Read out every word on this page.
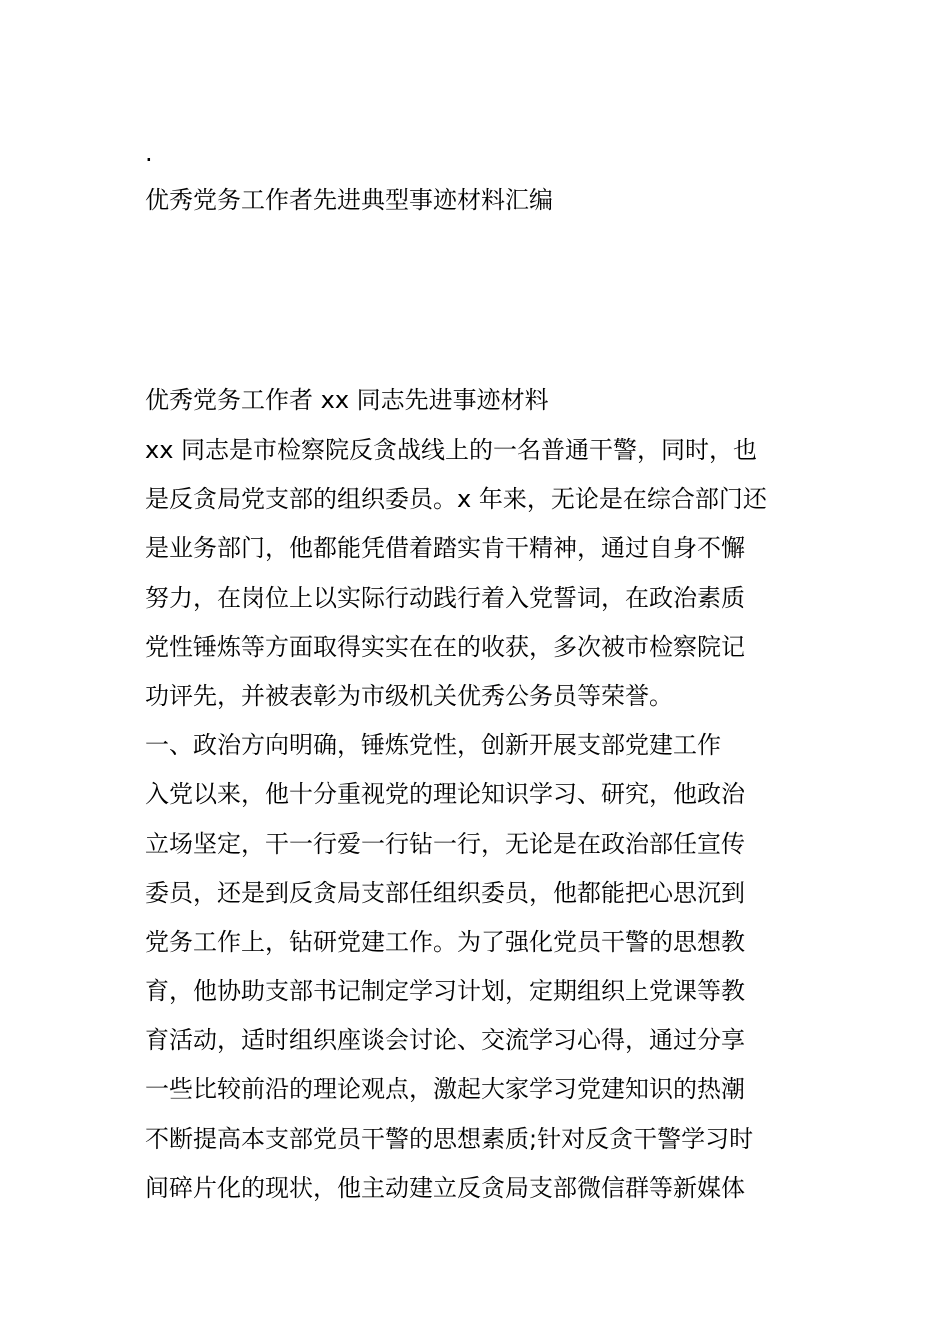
.
优秀党务工作者先进典型事迹材料汇编
优秀党务工作者 xx 同志先进事迹材料
xx 同志是市检察院反贪战线上的一名普通干警，同时，也
是反贪局党支部的组织委员。x 年来，无论是在综合部门还
是业务部门，他都能凭借着踏实肯干精神，通过自身不懈
努力，在岗位上以实际行动践行着入党誓词，在政治素质
党性锤炼等方面取得实实在在的收获，多次被市检察院记
功评先，并被表彰为市级机关优秀公务员等荣誉。
一、政治方向明确，锤炼党性，创新开展支部党建工作
入党以来，他十分重视党的理论知识学习、研究，他政治
立场坚定，干一行爱一行钻一行，无论是在政治部任宣传
委员，还是到反贪局支部任组织委员，他都能把心思沉到
党务工作上，钻研党建工作。为了强化党员干警的思想教
育，他协助支部书记制定学习计划，定期组织上党课等教
育活动，适时组织座谈会讨论、交流学习心得，通过分享
一些比较前沿的理论观点，激起大家学习党建知识的热潮
不断提高本支部党员干警的思想素质;针对反贪干警学习时
间碎片化的现状，他主动建立反贪局支部微信群等新媒体
